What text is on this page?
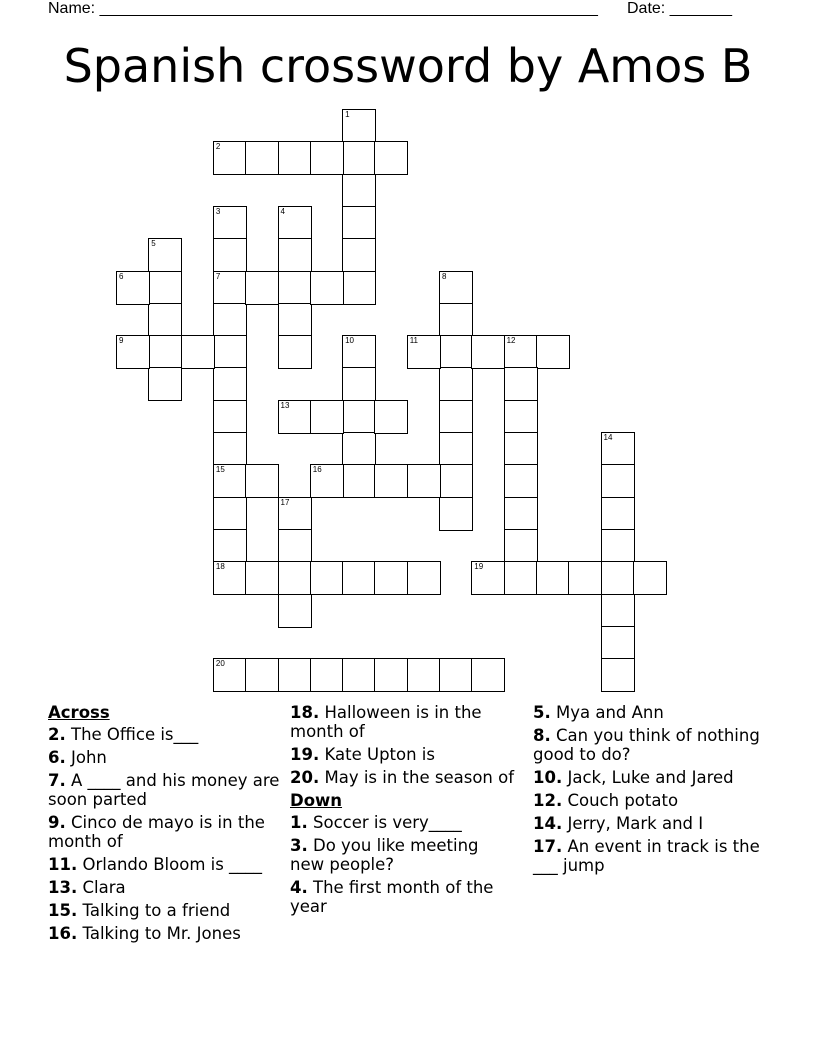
Name: ________________________________________________________ Date: _______
Spanish crossword by Amos B
1
2
3
7
15
18
4
5
6	8
9	10	11	12
13
14
16
17
19
20
Across
2. The Office is___
6. John
7. A ____ and his money are soon parted
9. Cinco de mayo is in the month of
11. Orlando Bloom is ____
13. Clara
15. Talking to a friend
16. Talking to Mr. Jones
18. Halloween is in the month of
19. Kate Upton is
20. May is in the season of
Down
1. Soccer is very____
3. Do you like meeting new people?
4. The first month of the year
5. Mya and Ann
8. Can you think of nothing good to do?
10. Jack, Luke and Jared
12. Couch potato
14. Jerry, Mark and I
17. An event in track is the ___ jump
